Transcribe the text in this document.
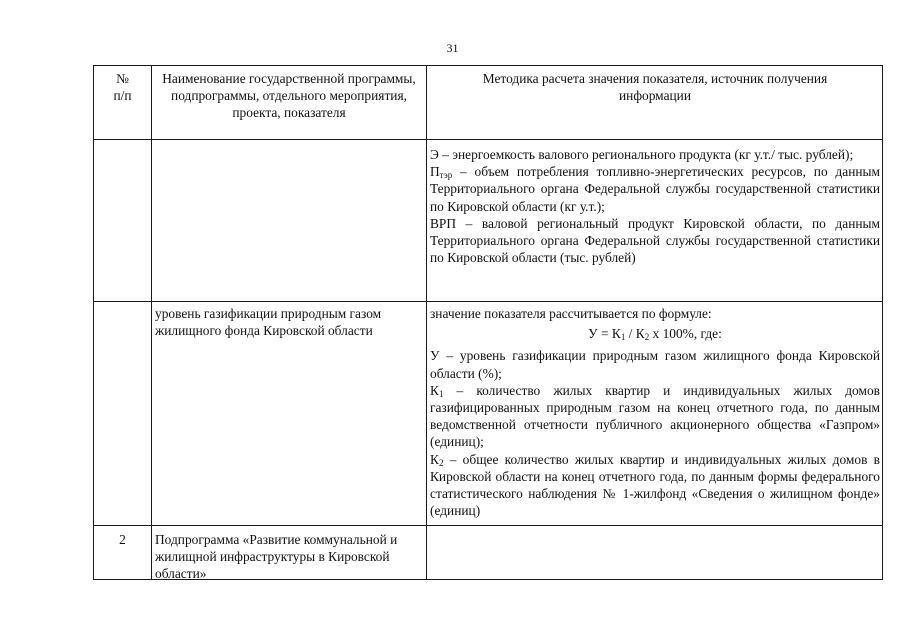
31
№
п/п
Наименование государственной программы, подпрограммы, отдельного мероприятия, проекта, показателя
Методика расчета значения показателя, источник получения информации
Э – энергоемкость валового регионального продукта (кг у.т./ тыс. рублей);
$П_{тэр}$ – объем потребления топливно-энергетических ресурсов, по данным Территориального органа Федеральной службы государственной статистики по Кировской области (кг у.т.);
ВРП – валовой региональный продукт Кировской области, по данным Территориального органа Федеральной службы государственной статистики по Кировской области (тыс. рублей)
уровень газификации природным газом жилищного фонда Кировской области
значение показателя рассчитывается по формуле:
$У = К_1 / К_2$ х 100%, где:
У – уровень газификации природным газом жилищного фонда Кировской области (%);
$К_1$ – количество жилых квартир и индивидуальных жилых домов газифицированных природным газом на конец отчетного года, по данным ведомственной отчетности публичного акционерного общества «Газпром» (единиц);
$К_2$ – общее количество жилых квартир и индивидуальных жилых домов в Кировской области на конец отчетного года, по данным формы федерального статистического наблюдения № 1-жилфонд «Сведения о жилищном фонде» (единиц)
2	Подпрограмма «Развитие коммунальной и жилищной инфраструктуры в Кировской области»
